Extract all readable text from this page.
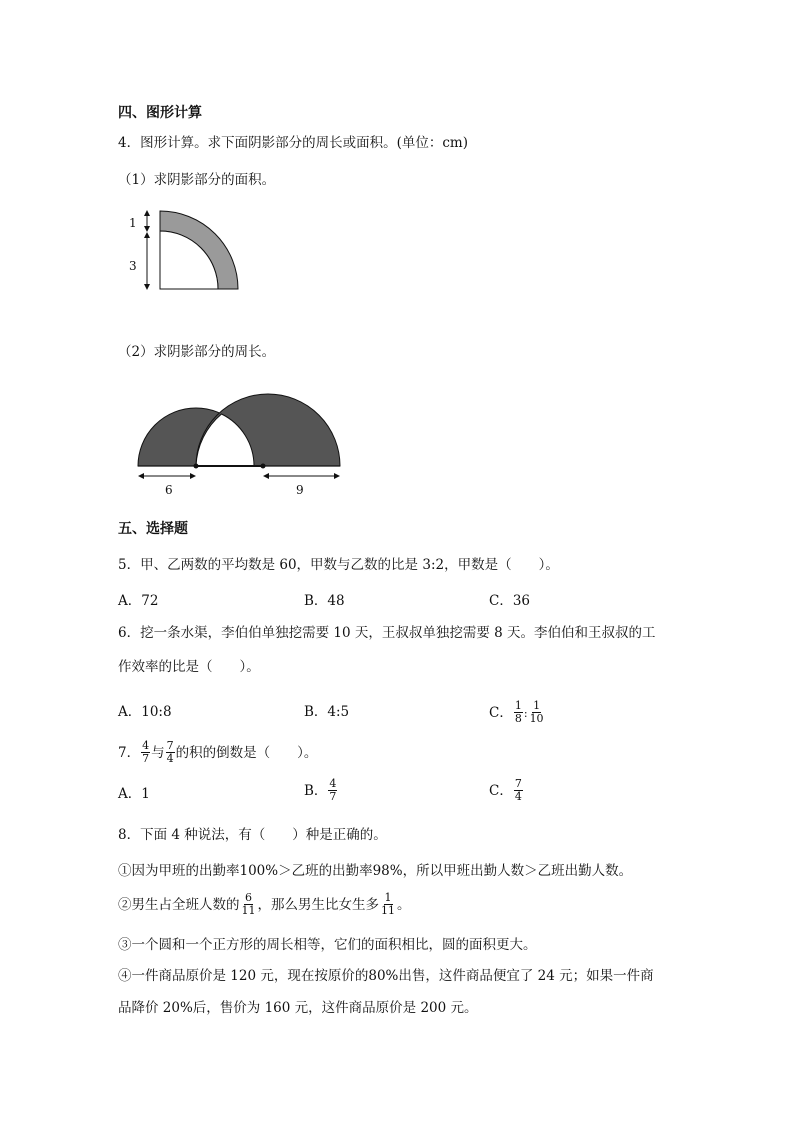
四、图形计算
4．图形计算。求下面阴影部分的周长或面积。(单位：cm)
（1）求阴影部分的面积。
1
3
（2）求阴影部分的周长。
6	9
五、选择题
5．甲、乙两数的平均数是 60，甲数与乙数的比是 3:2，甲数是（　　）。
A．72	B．48	C．36
6．挖一条水渠，李伯伯单独挖需要 10 天，王叔叔单独挖需要 8 天。李伯伯和王叔叔的工
作效率的比是（　　）。
A．10:8	B．4:5	C． $\frac{1}{8}$ : $\frac{1}{10}$
7． $\frac{4}{7}$ 与 $\frac{7}{4}$ 的积的倒数是（　　）。
A．1	B． $\frac{4}{7}$	C． $\frac{7}{4}$
8．下面 4 种说法，有（　　）种是正确的。
①因为甲班的出勤率100%＞乙班的出勤率98%，所以甲班出勤人数＞乙班出勤人数。
②男生占全班人数的 $\frac{6}{11}$ ，那么男生比女生多 $\frac{1}{11}$ 。
③一个圆和一个正方形的周长相等，它们的面积相比，圆的面积更大。
④一件商品原价是 120 元，现在按原价的80%出售，这件商品便宜了 24 元；如果一件商
品降价 20%后，售价为 160 元，这件商品原价是 200 元。
